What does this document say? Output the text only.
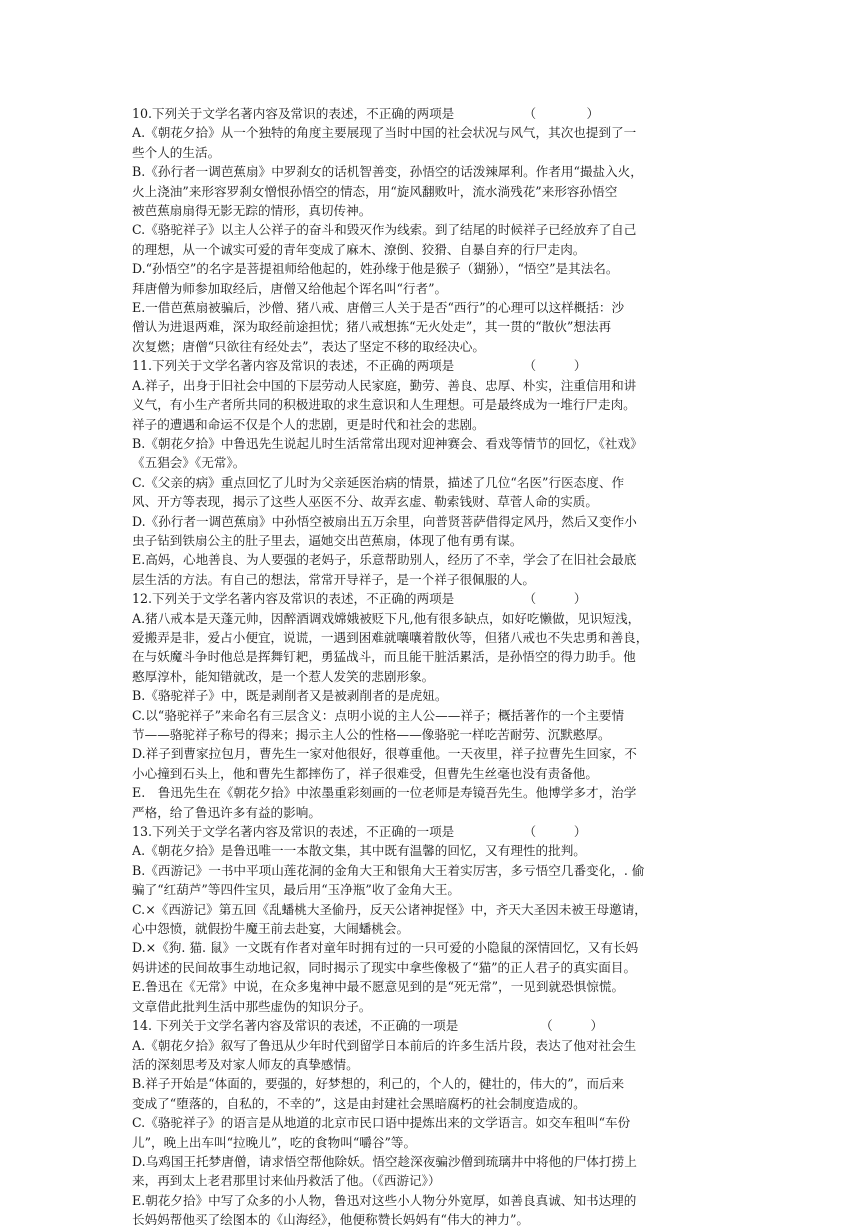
10.下列关于文学名著内容及常识的表述，不正确的两项是　　　　　　（　　　　）
A.《朝花夕拾》从一个独特的角度主要展现了当时中国的社会状况与风气，其次也提到了一
些个人的生活。
B.《孙行者一调芭蕉扇》中罗刹女的话机智善变，孙悟空的话泼辣犀利。作者用“撮盐入火，
火上浇油”来形容罗刹女憎恨孙悟空的情态，用“旋风翻败叶，流水淌残花”来形容孙悟空
被芭蕉扇扇得无影无踪的情形，真切传神。
C.《骆驼祥子》以主人公祥子的奋斗和毁灭作为线索。到了结尾的时候祥子已经放弃了自己
的理想，从一个诚实可爱的青年变成了麻木、潦倒、狡猾、自暴自弃的行尸走肉。
D.“孙悟空”的名字是菩提祖师给他起的，姓孙缘于他是猴子（猢狲），“悟空”是其法名。
拜唐僧为师参加取经后，唐僧又给他起个诨名叫“行者”。
E.一借芭蕉扇被骗后，沙僧、猪八戒、唐僧三人关于是否“西行”的心理可以这样概括：沙
僧认为进退两难，深为取经前途担忧；猪八戒想拣“无火处走”，其一贯的“散伙”想法再
次复燃；唐僧“只欲往有经处去”，表达了坚定不移的取经决心。
11.下列关于文学名著内容及常识的表述，不正确的两项是　　　　　　（　　　）
A.祥子，出身于旧社会中国的下层劳动人民家庭，勤劳、善良、忠厚、朴实，注重信用和讲
义气，有小生产者所共同的积极进取的求生意识和人生理想。可是最终成为一堆行尸走肉。
祥子的遭遇和命运不仅是个人的悲剧，更是时代和社会的悲剧。
B.《朝花夕拾》中鲁迅先生说起儿时生活常常出现对迎神赛会、看戏等情节的回忆，《社戏》
《五猖会》《无常》。
C.《父亲的病》重点回忆了儿时为父亲延医治病的情景，描述了几位“名医”行医态度、作
风、开方等表现，揭示了这些人巫医不分、故弄玄虚、勒索钱财、草菅人命的实质。
D.《孙行者一调芭蕉扇》中孙悟空被扇出五万余里，向普贤菩萨借得定风丹，然后又变作小
虫子钻到铁扇公主的肚子里去，逼她交出芭蕉扇，体现了他有勇有谋。
E.高妈，心地善良、为人要强的老妈子，乐意帮助别人，经历了不幸，学会了在旧社会最底
层生活的方法。有自己的想法，常常开导祥子，是一个祥子很佩服的人。
12.下列关于文学名著内容及常识的表述，不正确的两项是　　　　　　（　　　）
A.猪八戒本是天蓬元帅，因醉酒调戏嫦娥被贬下凡,他有很多缺点，如好吃懒做，见识短浅，
爱搬弄是非，爱占小便宜，说谎，一遇到困难就嚷嚷着散伙等，但猪八戒也不失忠勇和善良，
在与妖魔斗争时他总是挥舞钉耙，勇猛战斗，而且能干脏活累活，是孙悟空的得力助手。他
憨厚淳朴，能知错就改，是一个惹人发笑的悲剧形象。
B.《骆驼祥子》中，既是剥削者又是被剥削者的是虎妞。
C.以“骆驼祥子”来命名有三层含义：点明小说的主人公——祥子；概括著作的一个主要情
节——骆驼祥子称号的得来；揭示主人公的性格——像骆驼一样吃苦耐劳、沉默憨厚。
D.祥子到曹家拉包月，曹先生一家对他很好，很尊重他。一天夜里，祥子拉曹先生回家，不
小心撞到石头上，他和曹先生都摔伤了，祥子很难受，但曹先生丝毫也没有责备他。
E.　鲁迅先生在《朝花夕拾》中浓墨重彩刻画的一位老师是寿镜吾先生。他博学多才，治学
严格，给了鲁迅许多有益的影响。
13.下列关于文学名著内容及常识的表述，不正确的一项是　　　　　　（　　　）
A.《朝花夕拾》是鲁迅唯一一本散文集，其中既有温馨的回忆，又有理性的批判。
B.《西游记》一书中平项山莲花洞的金角大王和银角大王着实厉害，多亏悟空几番变化，. 偷
骗了“红葫芦”等四件宝贝，最后用“玉净瓶”收了金角大王。
C.×《西游记》第五回《乱蟠桃大圣偷丹，反天公诸神捉怪》中，齐天大圣因未被王母邀请，
心中怨愤，就假扮牛魔王前去赴宴，大闹蟠桃会。
D.×《狗. 猫. 鼠》一文既有作者对童年时拥有过的一只可爱的小隐鼠的深情回忆，又有长妈
妈讲述的民间故事生动地记叙，同时揭示了现实中拿些像极了“猫”的正人君子的真实面目。
E.鲁迅在《无常》中说，在众多鬼神中最不愿意见到的是“死无常”，一见到就恐惧惊慌。
文章借此批判生活中那些虚伪的知识分子。
14. 下列关于文学名著内容及常识的表述，不正确的一项是　　　　　　　（　　　）
A.《朝花夕拾》叙写了鲁迅从少年时代到留学日本前后的许多生活片段，表达了他对社会生
活的深刻思考及对家人师友的真挚感情。
B.祥子开始是“体面的，要强的，好梦想的，利己的，个人的，健壮的，伟大的”，而后来
变成了“堕落的，自私的，不幸的”，这是由封建社会黑暗腐朽的社会制度造成的。
C.《骆驼祥子》的语言是从地道的北京市民口语中提炼出来的文学语言。如交车租叫“车份
儿”，晚上出车叫“拉晚儿”，吃的食物叫“嚼谷”等。
D.乌鸡国王托梦唐僧，请求悟空帮他除妖。悟空趁深夜骗沙僧到琉璃井中将他的尸体打捞上
来，再到太上老君那里讨来仙丹救活了他。（《西游记》）
E.朝花夕拾》中写了众多的小人物，鲁迅对这些小人物分外宽厚，如善良真诚、知书达理的
长妈妈帮他买了绘图本的《山海经》，他便称赞长妈妈有“伟大的神力”。
